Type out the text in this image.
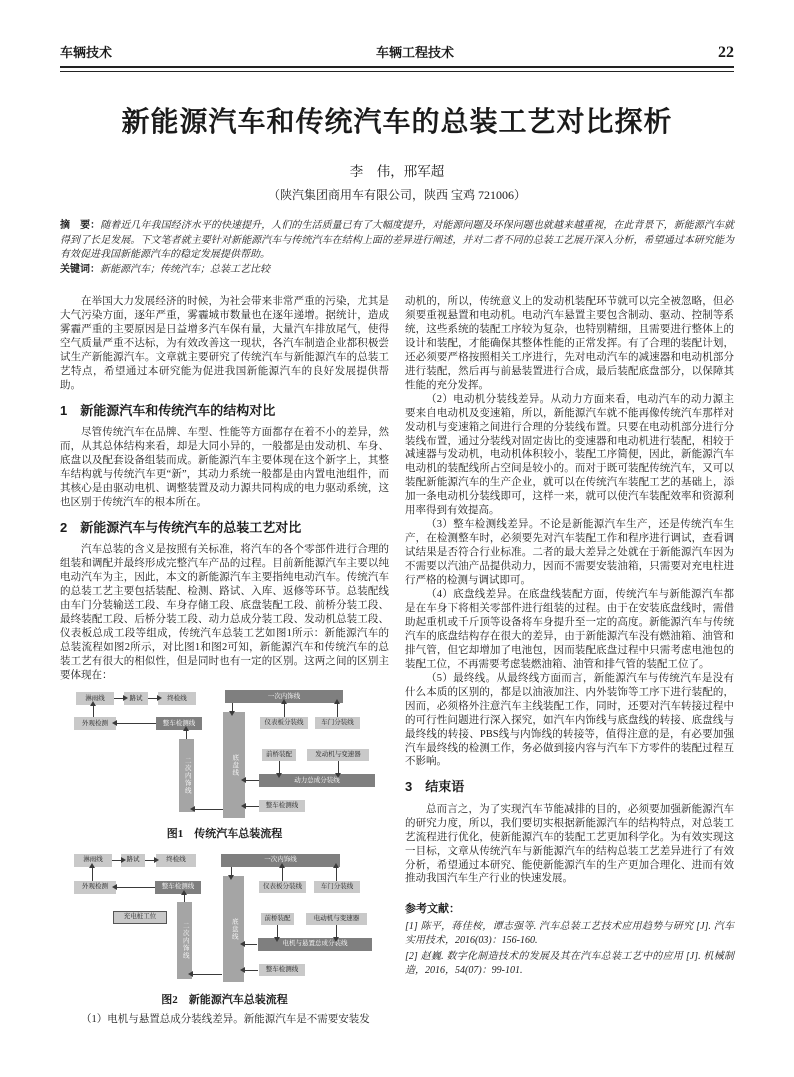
车辆技术	车辆工程技术	22
新能源汽车和传统汽车的总装工艺对比探析
李　伟，邢军超
（陕汽集团商用车有限公司，陕西 宝鸡 721006）
摘　要：随着近几年我国经济水平的快速提升，人们的生活质量已有了大幅度提升，对能源问题及环保问题也就越来越重视，在此背景下，新能源汽车就得到了长足发展。下文笔者就主要针对新能源汽车与传统汽车在结构上面的差异进行阐述，并对二者不同的总装工艺展开深入分析，希望通过本研究能为有效促进我国新能源汽车的稳定发展提供帮助。
关键词：新能源汽车；传统汽车；总装工艺比较

在举国大力发展经济的时候，为社会带来非常严重的污染，尤其是大气污染方面，逐年严重，雾霾城市数量也在逐年递增。据统计，造成雾霾严重的主要原因是日益增多汽车保有量，大量汽车排放尾气，使得空气质量严重不达标，为有效改善这一现状，各汽车制造企业都积极尝试生产新能源汽车。文章就主要研究了传统汽车与新能源汽车的总装工艺特点，希望通过本研究能为促进我国新能源汽车的良好发展提供帮助。

1　新能源汽车和传统汽车的结构对比

尽管传统汽车在品牌、车型、性能等方面都存在着不小的差异，然而，从其总体结构来看，却是大同小异的，一般都是由发动机、车身、底盘以及配套设备组装而成。新能源汽车主要体现在这个新字上，其整车结构就与传统汽车更“新”，其动力系统一般都是由内置电池组件，而其核心是由驱动电机、调整装置及动力源共同构成的电力驱动系统，这也区别于传统汽车的根本所在。

2　新能源汽车与传统汽车的总装工艺对比

汽车总装的含义是按照有关标准，将汽车的各个零部件进行合理的组装和调配并最终形成完整汽车产品的过程。目前新能源汽车主要以纯电动汽车为主，因此，本文的新能源汽车主要指纯电动汽车。传统汽车的总装工艺主要包括装配、检测、路试、入库、返修等环节。总装配线由车门分装输送工段、车身存储工段、底盘装配工段、前桥分装工段、最终装配工段、后桥分装工段、动力总成分装工段、发动机总装工段、仪表板总成工段等组成，传统汽车总装工艺如图1所示：新能源汽车的总装流程如图2所示，对比图1和图2可知，新能源汽车和传统汽车的总装工艺有很大的相似性，但是同时也有一定的区别。这两之间的区别主要体现在：

淋雨线	路试	终检线
外观检测	整车检测线
二次内饰线	底盘线
一次内饰线
仪表板分装线	车门分装线
前桥装配	发动机与变速器
动力总成分装线
整车检测线
图1　传统汽车总装流程
淋雨线	路试	终检线
外观检测	整车检测线
充电桩工位
二次内饰线	底盘线
一次内饰线
仪表板分装线	车门分装线
前桥装配	电动机与变速器
电机与悬置总成分装线
整车检测线
图2　新能源汽车总装流程

（1）电机与悬置总成分装线差异。新能源汽车是不需要安装发

动机的，所以，传统意义上的发动机装配环节就可以完全被忽略，但必须要重视悬置和电动机。电动汽车悬置主要包含制动、驱动、控制等系统，这些系统的装配工序较为复杂，也特别精细，且需要进行整体上的设计和装配，才能确保其整体性能的正常发挥。有了合理的装配计划，还必须要严格按照相关工序进行，先对电动汽车的减速器和电动机部分进行装配，然后再与前悬装置进行合成，最后装配底盘部分，以保障其性能的充分发挥。

（2）电动机分装线差异。从动力方面来看，电动汽车的动力源主要来自电动机及变速箱，所以，新能源汽车就不能再像传统汽车那样对发动机与变速箱之间进行合理的分装线布置。只要在电动机部分进行分装线布置，通过分装线对固定齿比的变速器和电动机进行装配，相较于减速器与发动机，电动机体积较小，装配工序简便，因此，新能源汽车电动机的装配线所占空间是较小的。而对于既可装配传统汽车，又可以装配新能源汽车的生产企业，就可以在传统汽车装配工艺的基础上，添加一条电动机分装线即可，这样一来，就可以使汽车装配效率和资源利用率得到有效提高。

（3）整车检测线差异。不论是新能源汽车生产，还是传统汽车生产，在检测整车时，必须要先对汽车装配工作和程序进行调试，查看调试结果是否符合行业标准。二者的最大差异之处就在于新能源汽车因为不需要以汽油产品提供动力，因而不需要安装油箱，只需要对充电柱进行严格的检测与调试即可。

（4）底盘线差异。在底盘线装配方面，传统汽车与新能源汽车都是在车身下将相关零部件进行组装的过程。由于在安装底盘线时，需借助起重机或千斤顶等设备将车身提升至一定的高度。新能源汽车与传统汽车的底盘结构存在很大的差异，由于新能源汽车没有燃油箱、油管和排气管，但它却增加了电池包，因而装配底盘过程中只需考虑电池包的装配工位，不再需要考虑装燃油箱、油管和排气管的装配工位了。

（5）最终线。从最终线方面而言，新能源汽车与传统汽车是没有什么本质的区别的，都是以油液加注、内外装饰等工序下进行装配的，因而，必须格外注意汽车主线装配工作，同时，还要对汽车转接过程中的可行性问题进行深入探究，如汽车内饰线与底盘线的转接、底盘线与最终线的转接、PBS线与内饰线的转接等，值得注意的是，有必要加强汽车最终线的检测工作，务必做到接内容与汽车下方零件的装配过程互不影响。

3　结束语

总而言之，为了实现汽车节能减排的目的，必须要加强新能源汽车的研究力度，所以，我们要切实根据新能源汽车的结构特点，对总装工艺流程进行优化，使新能源汽车的装配工艺更加科学化。为有效实现这一目标，文章从传统汽车与新能源汽车的结构总装工艺差异进行了有效分析，希望通过本研究、能使新能源汽车的生产更加合理化、进而有效推动我国汽车生产行业的快速发展。

参考文献：

[1] 陈平，蒋佳桉，谭志强等. 汽车总装工艺技术应用趋势与研究 [J]. 汽车实用技术，2016(03)：156-160.

[2] 赵巍. 数字化制造技术的发展及其在汽车总装工艺中的应用 [J]. 机械制造，2016，54(07)：99-101.
